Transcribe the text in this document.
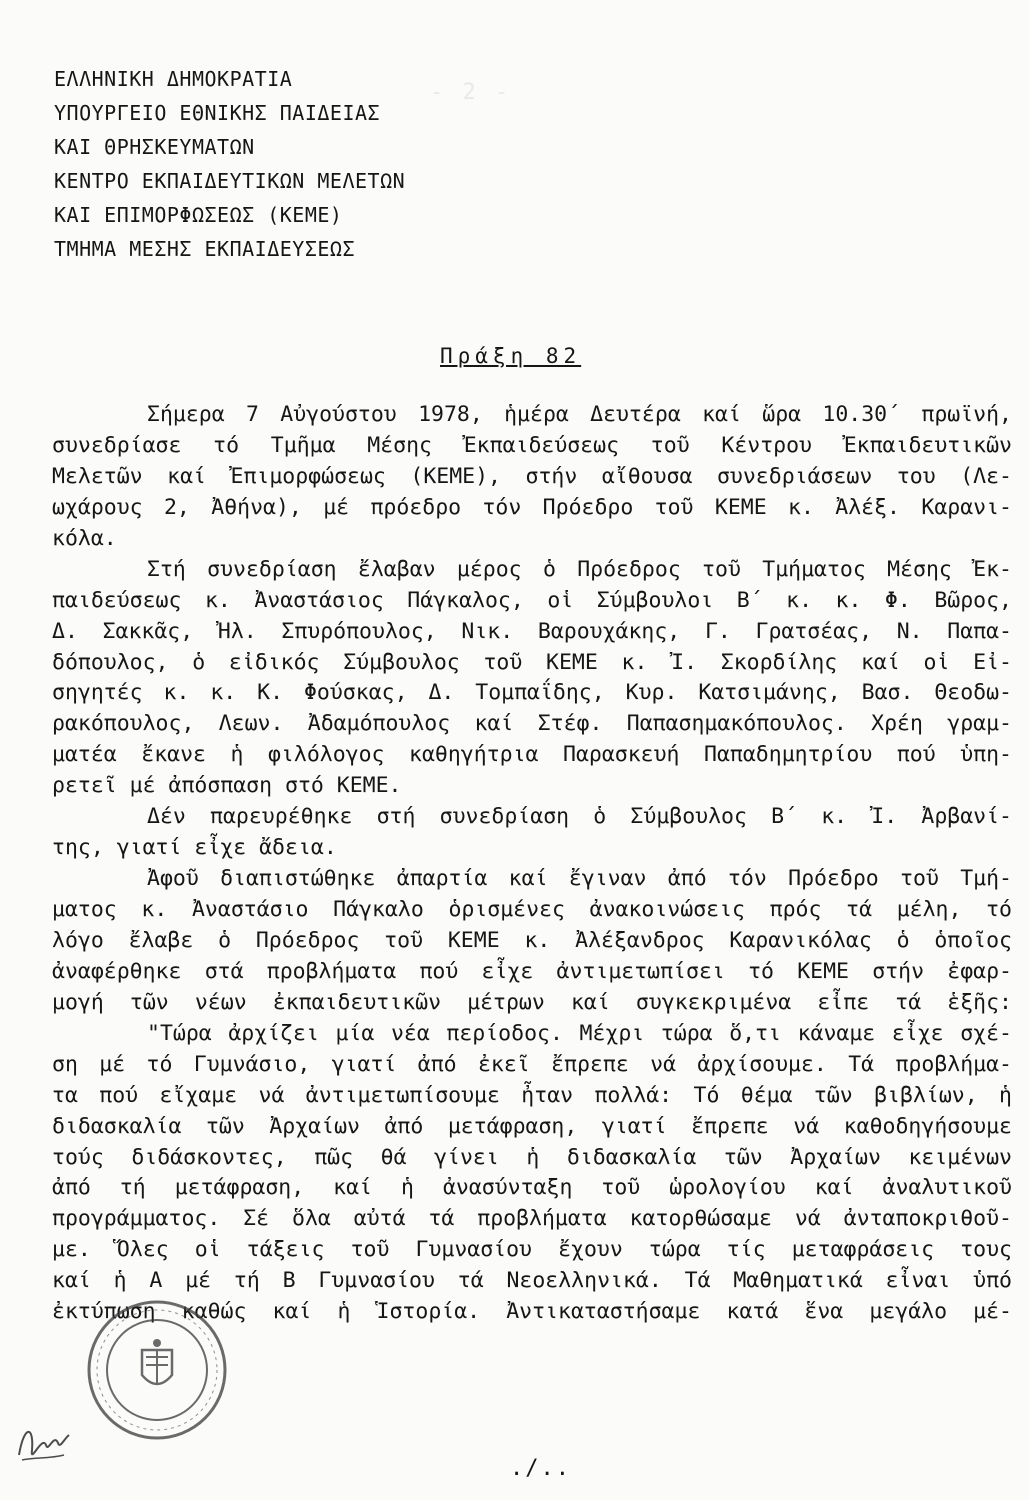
- 2 -
ΕΛΛΗΝΙΚΗ ΔΗΜΟΚΡΑΤΙΑ
ΥΠΟΥΡΓΕΙΟ ΕΘΝΙΚΗΣ ΠΑΙΔΕΙΑΣ
ΚΑΙ ΘΡΗΣΚΕΥΜΑΤΩΝ
ΚΕΝΤΡΟ ΕΚΠΑΙΔΕΥΤΙΚΩΝ ΜΕΛΕΤΩΝ
ΚΑΙ ΕΠΙΜΟΡΦΩΣΕΩΣ (ΚΕΜΕ)
ΤΜΗΜΑ ΜΕΣΗΣ ΕΚΠΑΙΔΕΥΣΕΩΣ
Πράξη 82
Σήμερα 7 Αὐγούστου 1978, ἡμέρα Δευτέρα καί ὥρα 10.30΄ πρωϊνή,
συνεδρίασε τό Τμῆμα Μέσης Ἐκπαιδεύσεως τοῦ Κέντρου Ἐκπαιδευτικῶν
Μελετῶν καί Ἐπιμορφώσεως (ΚΕΜΕ), στήν αἴθουσα συνεδριάσεων του (Λε-
ωχάρους 2, Ἀθήνα), μέ πρόεδρο τόν Πρόεδρο τοῦ ΚΕΜΕ κ. Ἀλέξ. Καρανι-
κόλα.
Στή συνεδρίαση ἔλαβαν μέρος ὁ Πρόεδρος τοῦ Τμήματος Μέσης Ἐκ-
παιδεύσεως κ. Ἀναστάσιος Πάγκαλος, οἱ Σύμβουλοι Β΄ κ. κ. Φ. Βῶρος,
Δ. Σακκᾶς, Ἠλ. Σπυρόπουλος, Νικ. Βαρουχάκης, Γ. Γρατσέας, Ν. Παπα-
δόπουλος, ὁ εἰδικός Σύμβουλος τοῦ ΚΕΜΕ κ. Ἰ. Σκορδίλης καί οἱ Εἰ-
σηγητές κ. κ. Κ. Φούσκας, Δ. Τομπαΐδης, Κυρ. Κατσιμάνης, Βασ. Θεοδω-
ρακόπουλος, Λεων. Ἀδαμόπουλος καί Στέφ. Παπασημακόπουλος. Χρέη γραμ-
ματέα ἔκανε ἡ φιλόλογος καθηγήτρια Παρασκευή Παπαδημητρίου πού ὑπη-
ρετεῖ μέ ἀπόσπαση στό ΚΕΜΕ.
Δέν παρευρέθηκε στή συνεδρίαση ὁ Σύμβουλος Β΄ κ. Ἰ. Ἀρβανί-
της, γιατί εἶχε ἄδεια.
Ἀφοῦ διαπιστώθηκε ἀπαρτία καί ἔγιναν ἀπό τόν Πρόεδρο τοῦ Τμή-
ματος κ. Ἀναστάσιο Πάγκαλο ὁρισμένες ἀνακοινώσεις πρός τά μέλη, τό
λόγο ἔλαβε ὁ Πρόεδρος τοῦ ΚΕΜΕ κ. Ἀλέξανδρος Καρανικόλας ὁ ὁποῖος
ἀναφέρθηκε στά προβλήματα πού εἶχε ἀντιμετωπίσει τό ΚΕΜΕ στήν ἐφαρ-
μογή τῶν νέων ἐκπαιδευτικῶν μέτρων καί συγκεκριμένα εἶπε τά ἑξῆς:
"Τώρα ἀρχίζει μία νέα περίοδος. Μέχρι τώρα ὅ,τι κάναμε εἶχε σχέ-
ση μέ τό Γυμνάσιο, γιατί ἀπό ἐκεῖ ἔπρεπε νά ἀρχίσουμε. Τά προβλήμα-
τα πού εἴχαμε νά ἀντιμετωπίσουμε ἦταν πολλά: Τό θέμα τῶν βιβλίων, ἡ
διδασκαλία τῶν Ἀρχαίων ἀπό μετάφραση, γιατί ἔπρεπε νά καθοδηγήσουμε
τούς διδάσκοντες, πῶς θά γίνει ἡ διδασκαλία τῶν Ἀρχαίων κειμένων
ἀπό τή μετάφραση, καί ἡ ἀνασύνταξη τοῦ ὡρολογίου καί ἀναλυτικοῦ
προγράμματος. Σέ ὅλα αὐτά τά προβλήματα κατορθώσαμε νά ἀνταποκριθοῦ-
με. Ὅλες οἱ τάξεις τοῦ Γυμνασίου ἔχουν τώρα τίς μεταφράσεις τους
καί ἡ Α μέ τή Β Γυμνασίου τά Νεοελληνικά. Τά Μαθηματικά εἶναι ὑπό
ἐκτύπωση καθώς καί ἡ Ἱστορία. Ἀντικαταστήσαμε κατά ἕνα μεγάλο μέ-
./..
